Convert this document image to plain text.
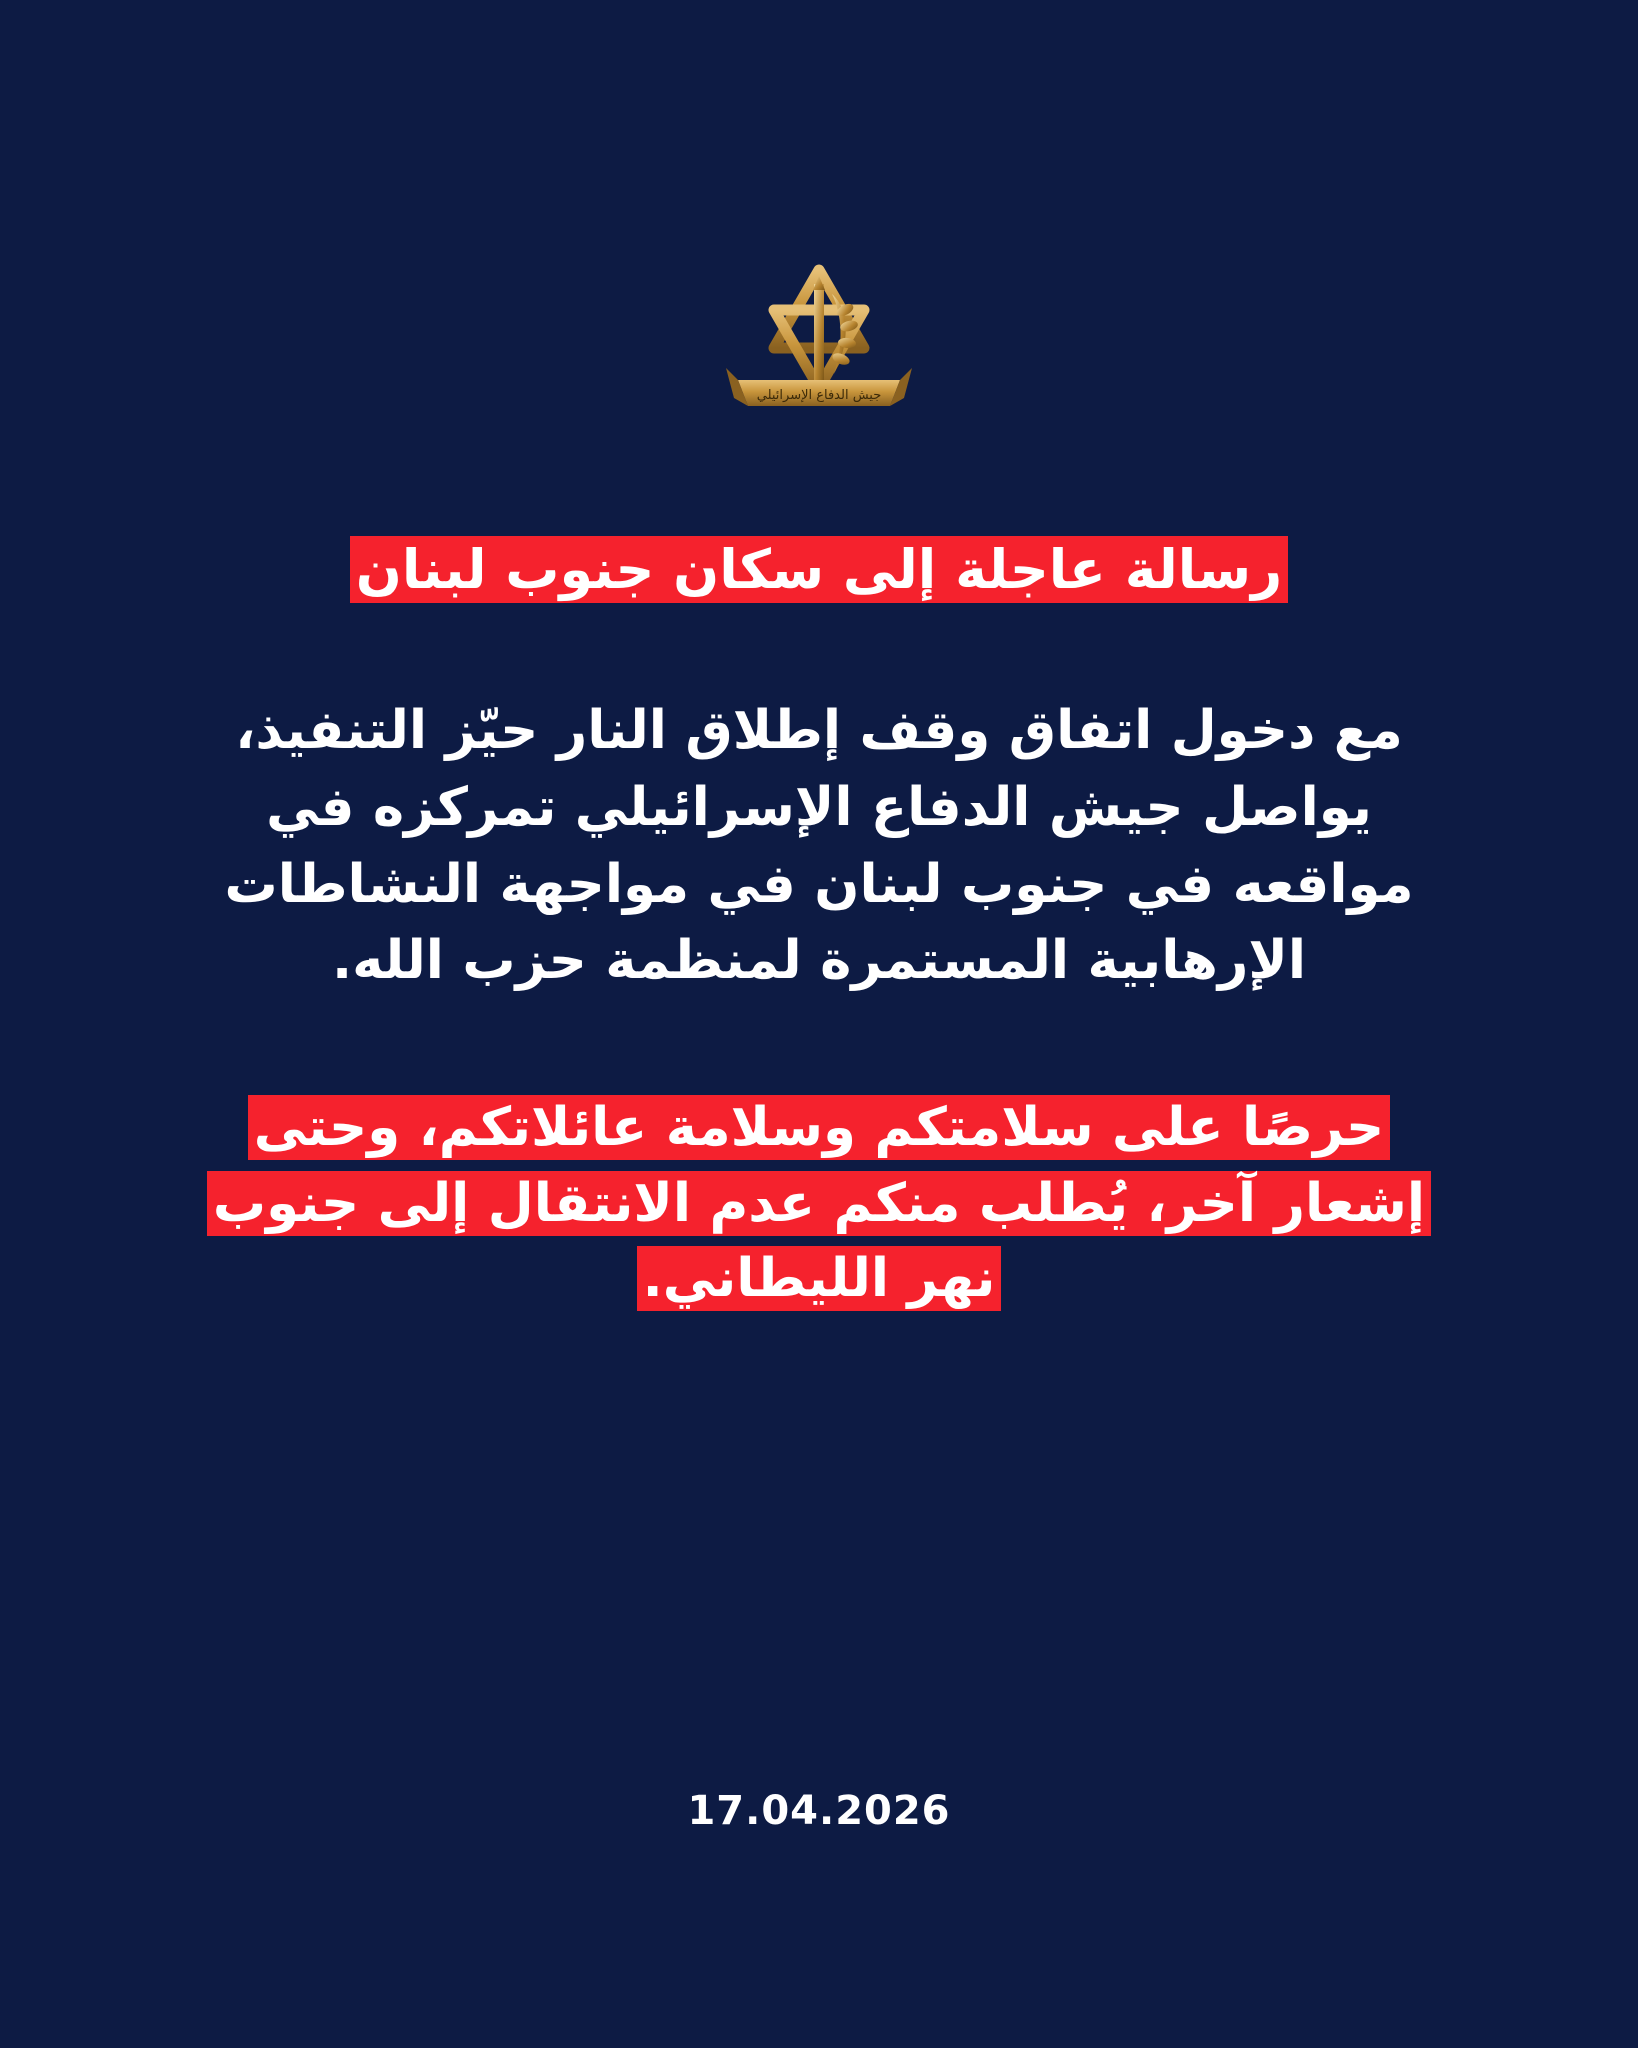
جيش الدفاع الإسرائيلي
رسالة عاجلة إلى سكان جنوب لبنان
مع دخول اتفاق وقف إطلاق النار حيّز التنفيذ، يواصل جيش الدفاع الإسرائيلي تمركزه في مواقعه في جنوب لبنان في مواجهة النشاطات الإرهابية المستمرة لمنظمة حزب الله.
حرصًا على سلامتكم وسلامة عائلاتكم، وحتى إشعار آخر، يُطلب منكم عدم الانتقال إلى جنوب نهر الليطاني.
17.04.2026
